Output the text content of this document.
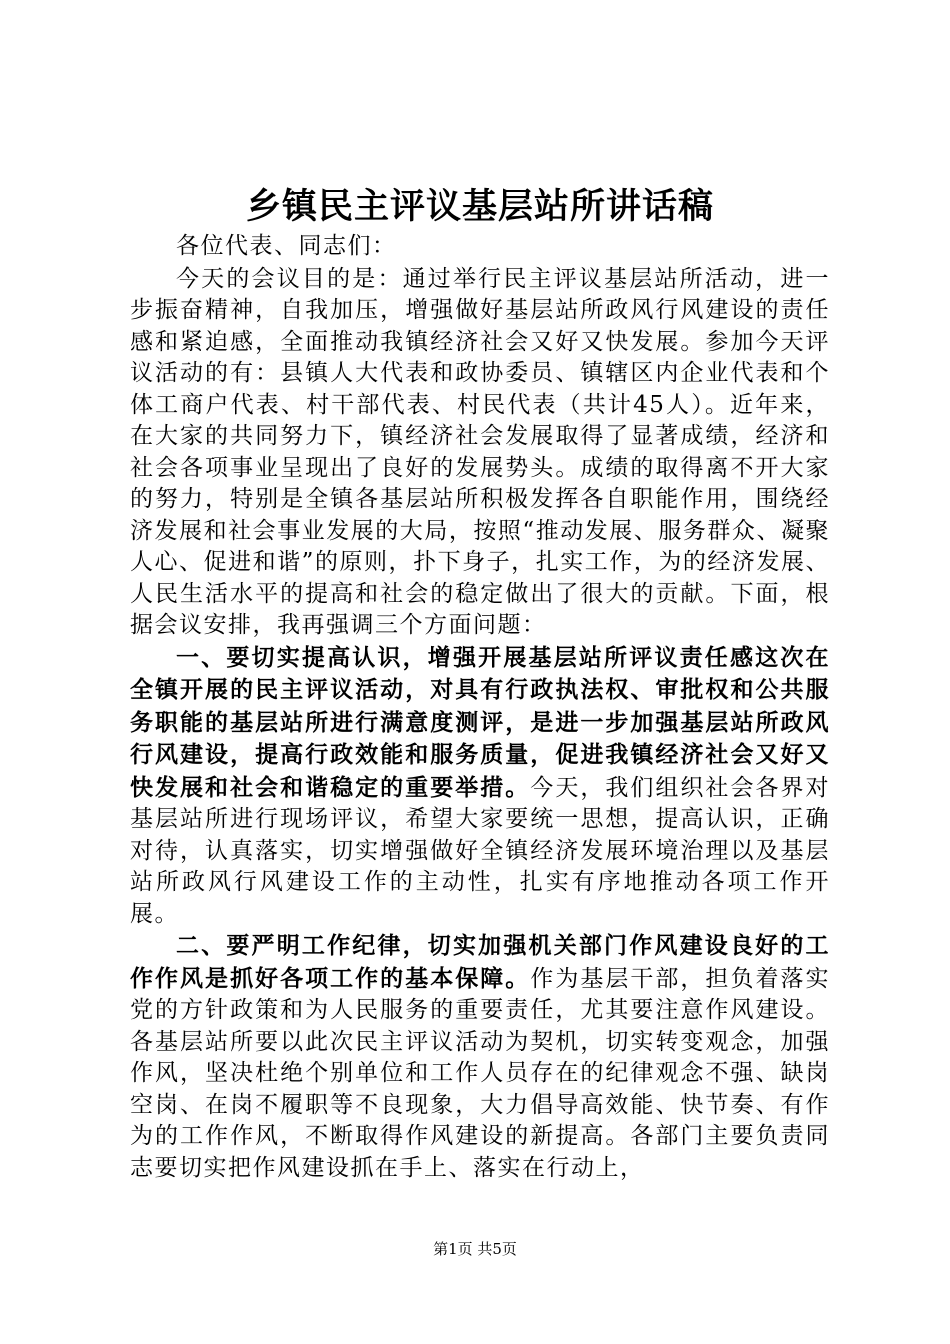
乡镇民主评议基层站所讲话稿

各位代表、同志们：

今天的会议目的是：通过举行民主评议基层站所活动，进一步振奋精神，自我加压，增强做好基层站所政风行风建设的责任感和紧迫感，全面推动我镇经济社会又好又快发展。参加今天评议活动的有：县镇人大代表和政协委员、镇辖区内企业代表和个体工商户代表、村干部代表、村民代表（共计45人）。近年来，在大家的共同努力下，镇经济社会发展取得了显著成绩，经济和社会各项事业呈现出了良好的发展势头。成绩的取得离不开大家的努力，特别是全镇各基层站所积极发挥各自职能作用，围绕经济发展和社会事业发展的大局，按照“推动发展、服务群众、凝聚人心、促进和谐”的原则，扑下身子，扎实工作，为的经济发展、人民生活水平的提高和社会的稳定做出了很大的贡献。下面，根据会议安排，我再强调三个方面问题：

一、要切实提高认识，增强开展基层站所评议责任感这次在全镇开展的民主评议活动，对具有行政执法权、审批权和公共服务职能的基层站所进行满意度测评，是进一步加强基层站所政风行风建设，提高行政效能和服务质量，促进我镇经济社会又好又快发展和社会和谐稳定的重要举措。今天，我们组织社会各界对基层站所进行现场评议，希望大家要统一思想，提高认识，正确对待，认真落实，切实增强做好全镇经济发展环境治理以及基层站所政风行风建设工作的主动性，扎实有序地推动各项工作开展。

二、要严明工作纪律，切实加强机关部门作风建设良好的工作作风是抓好各项工作的基本保障。作为基层干部，担负着落实党的方针政策和为人民服务的重要责任，尤其要注意作风建设。各基层站所要以此次民主评议活动为契机，切实转变观念，加强作风，坚决杜绝个别单位和工作人员存在的纪律观念不强、缺岗空岗、在岗不履职等不良现象，大力倡导高效能、快节奏、有作为的工作作风，不断取得作风建设的新提高。各部门主要负责同志要切实把作风建设抓在手上、落实在行动上，

第1页 共5页
